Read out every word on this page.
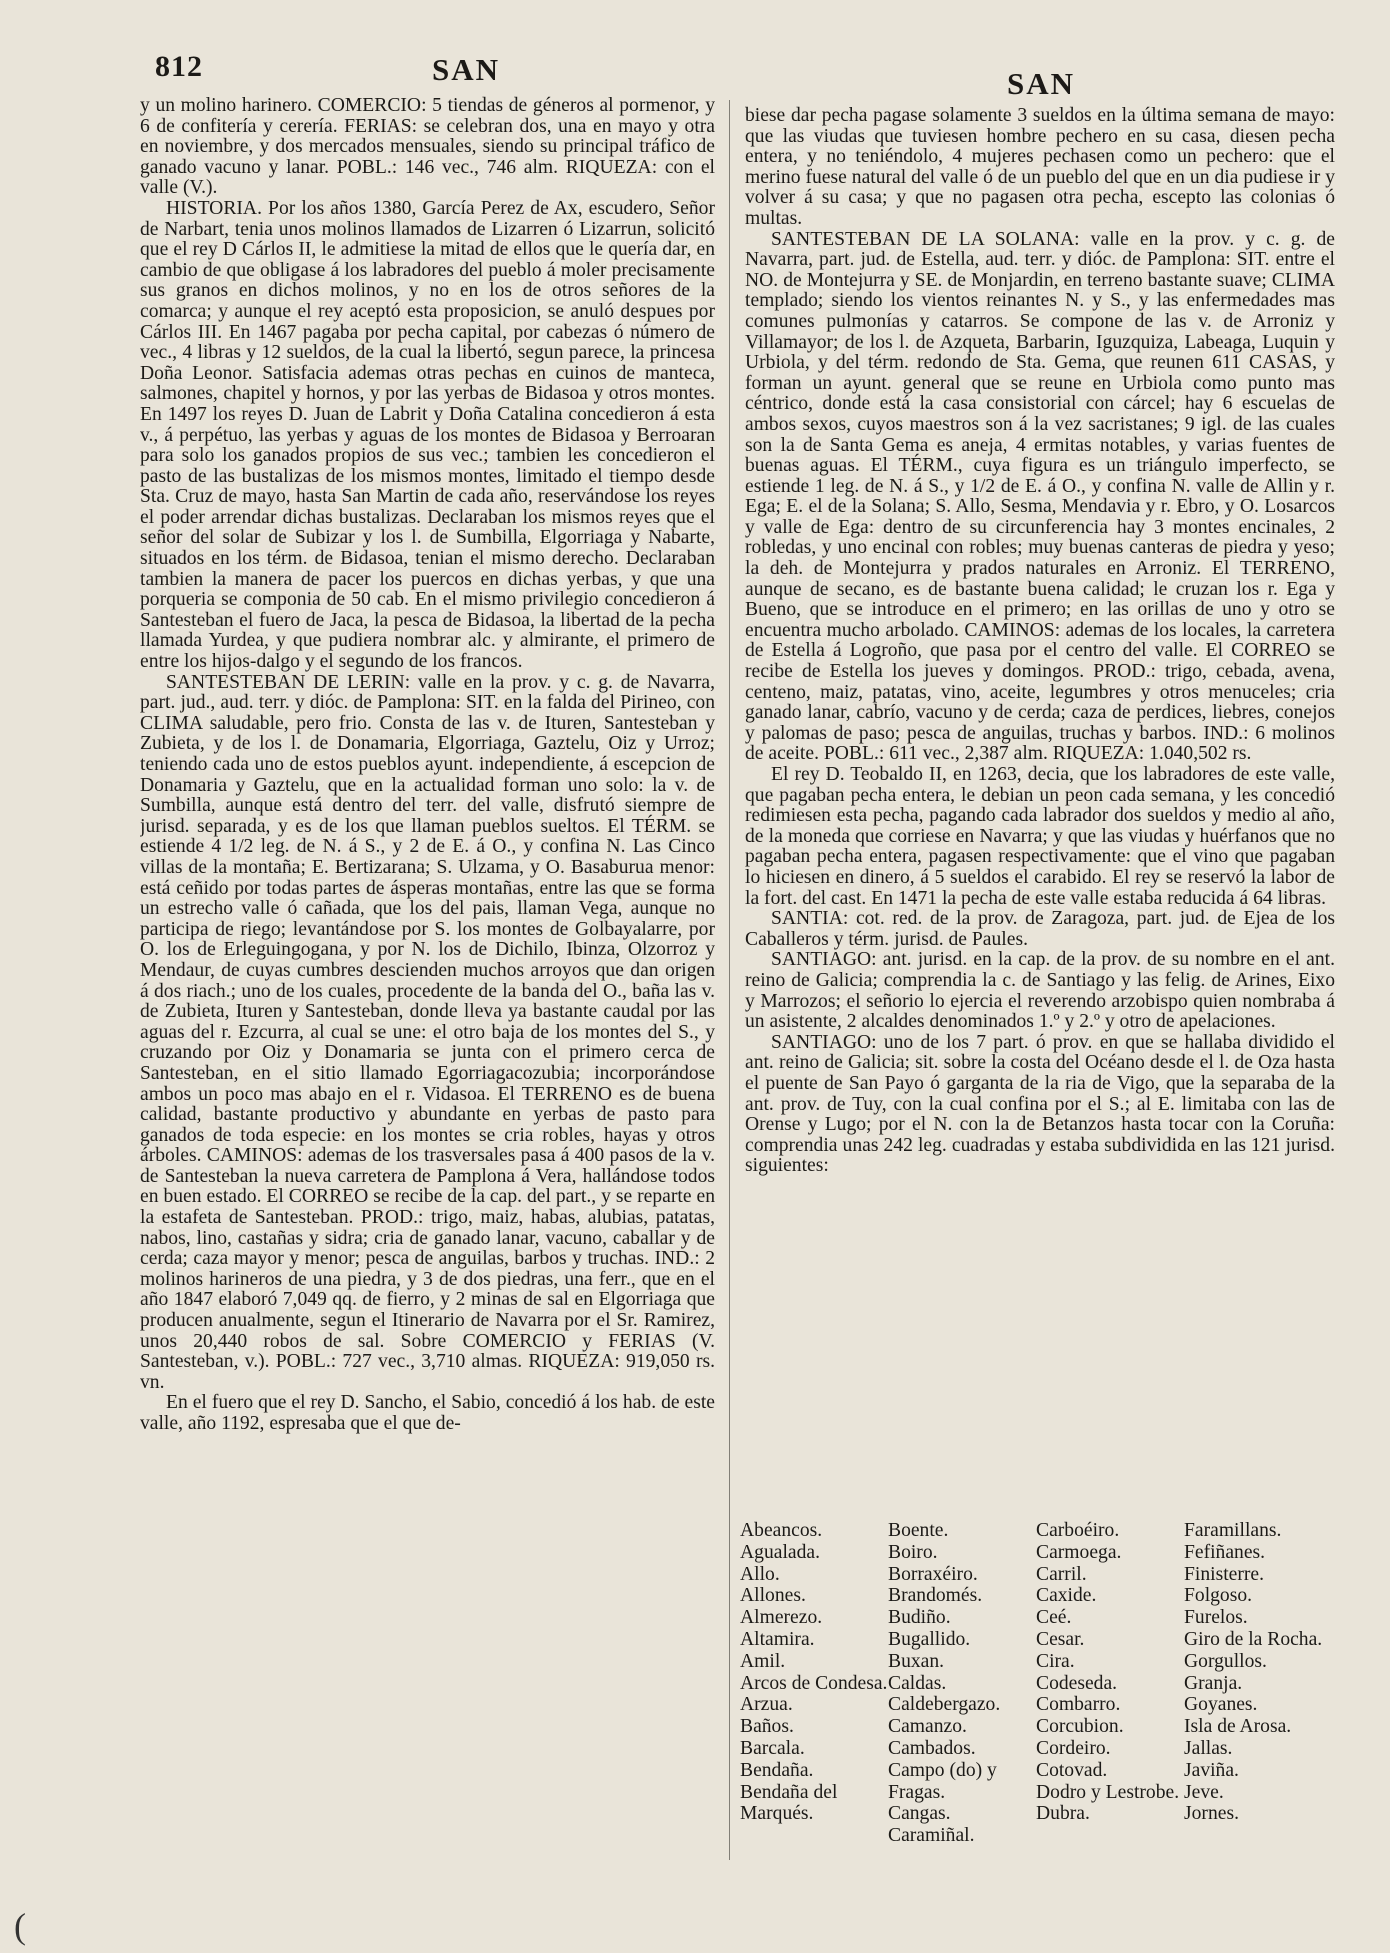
812	SAN	SAN

y un molino harinero. COMERCIO: 5 tiendas de géneros al pormenor, y 6 de confitería y cerería. FERIAS: se celebran dos, una en mayo y otra en noviembre, y dos mercados mensuales, siendo su principal tráfico de ganado vacuno y lanar. POBL.: 146 vec., 746 alm. RIQUEZA: con el valle (V.).

HISTORIA. Por los años 1380, García Perez de Ax, escudero, Señor de Narbart, tenia unos molinos llamados de Lizarren ó Lizarrun, solicitó que el rey D Cárlos II, le admitiese la mitad de ellos que le quería dar, en cambio de que obligase á los labradores del pueblo á moler precisamente sus granos en dichos molinos, y no en los de otros señores de la comarca; y aunque el rey aceptó esta proposicion, se anuló despues por Cárlos III. En 1467 pagaba por pecha capital, por cabezas ó número de vec., 4 libras y 12 sueldos, de la cual la libertó, segun parece, la princesa Doña Leonor. Satisfacia ademas otras pechas en cuinos de manteca, salmones, chapitel y hornos, y por las yerbas de Bidasoa y otros montes. En 1497 los reyes D. Juan de Labrit y Doña Catalina concedieron á esta v., á perpétuo, las yerbas y aguas de los montes de Bidasoa y Berroaran para solo los ganados propios de sus vec.; tambien les concedieron el pasto de las bustalizas de los mismos montes, limitado el tiempo desde Sta. Cruz de mayo, hasta San Martin de cada año, reservándose los reyes el poder arrendar dichas bustalizas. Declaraban los mismos reyes que el señor del solar de Subizar y los l. de Sumbilla, Elgorriaga y Nabarte, situados en los térm. de Bidasoa, tenian el mismo derecho. Declaraban tambien la manera de pacer los puercos en dichas yerbas, y que una porqueria se componia de 50 cab. En el mismo privilegio concedieron á Santesteban el fuero de Jaca, la pesca de Bidasoa, la libertad de la pecha llamada Yurdea, y que pudiera nombrar alc. y almirante, el primero de entre los hijos-dalgo y el segundo de los francos.

SANTESTEBAN DE LERIN: valle en la prov. y c. g. de Navarra, part. jud., aud. terr. y dióc. de Pamplona: SIT. en la falda del Pirineo, con CLIMA saludable, pero frio. Consta de las v. de Ituren, Santesteban y Zubieta, y de los l. de Donamaria, Elgorriaga, Gaztelu, Oiz y Urroz; teniendo cada uno de estos pueblos ayunt. independiente, á escepcion de Donamaria y Gaztelu, que en la actualidad forman uno solo: la v. de Sumbilla, aunque está dentro del terr. del valle, disfrutó siempre de jurisd. separada, y es de los que llaman pueblos sueltos. El TÉRM. se estiende 4 1/2 leg. de N. á S., y 2 de E. á O., y confina N. Las Cinco villas de la montaña; E. Bertizarana; S. Ulzama, y O. Basaburua menor: está ceñido por todas partes de ásperas montañas, entre las que se forma un estrecho valle ó cañada, que los del pais, llaman Vega, aunque no participa de riego; levantándose por S. los montes de Golbayalarre, por O. los de Erleguingogana, y por N. los de Dichilo, Ibinza, Olzorroz y Mendaur, de cuyas cumbres descienden muchos arroyos que dan origen á dos riach.; uno de los cuales, procedente de la banda del O., baña las v. de Zubieta, Ituren y Santesteban, donde lleva ya bastante caudal por las aguas del r. Ezcurra, al cual se une: el otro baja de los montes del S., y cruzando por Oiz y Donamaria se junta con el primero cerca de Santesteban, en el sitio llamado Egorriagacozubia; incorporándose ambos un poco mas abajo en el r. Vidasoa. El TERRENO es de buena calidad, bastante productivo y abundante en yerbas de pasto para ganados de toda especie: en los montes se cria robles, hayas y otros árboles. CAMINOS: ademas de los trasversales pasa á 400 pasos de la v. de Santesteban la nueva carretera de Pamplona á Vera, hallándose todos en buen estado. El CORREO se recibe de la cap. del part., y se reparte en la estafeta de Santesteban. PROD.: trigo, maiz, habas, alubias, patatas, nabos, lino, castañas y sidra; cria de ganado lanar, vacuno, caballar y de cerda; caza mayor y menor; pesca de anguilas, barbos y truchas. IND.: 2 molinos harineros de una piedra, y 3 de dos piedras, una ferr., que en el año 1847 elaboró 7,049 qq. de fierro, y 2 minas de sal en Elgorriaga que producen anualmente, segun el Itinerario de Navarra por el Sr. Ramirez, unos 20,440 robos de sal. Sobre COMERCIO y FERIAS (V. Santesteban, v.). POBL.: 727 vec., 3,710 almas. RIQUEZA: 919,050 rs. vn.

En el fuero que el rey D. Sancho, el Sabio, concedió á los hab. de este valle, año 1192, espresaba que el que de-

biese dar pecha pagase solamente 3 sueldos en la última semana de mayo: que las viudas que tuviesen hombre pechero en su casa, diesen pecha entera, y no teniéndolo, 4 mujeres pechasen como un pechero: que el merino fuese natural del valle ó de un pueblo del que en un dia pudiese ir y volver á su casa; y que no pagasen otra pecha, escepto las colonias ó multas.

SANTESTEBAN DE LA SOLANA: valle en la prov. y c. g. de Navarra, part. jud. de Estella, aud. terr. y dióc. de Pamplona: SIT. entre el NO. de Montejurra y SE. de Monjardin, en terreno bastante suave; CLIMA templado; siendo los vientos reinantes N. y S., y las enfermedades mas comunes pulmonías y catarros. Se compone de las v. de Arroniz y Villamayor; de los l. de Azqueta, Barbarin, Iguzquiza, Labeaga, Luquin y Urbiola, y del térm. redondo de Sta. Gema, que reunen 611 CASAS, y forman un ayunt. general que se reune en Urbiola como punto mas céntrico, donde está la casa consistorial con cárcel; hay 6 escuelas de ambos sexos, cuyos maestros son á la vez sacristanes; 9 igl. de las cuales son la de Santa Gema es aneja, 4 ermitas notables, y varias fuentes de buenas aguas. El TÉRM., cuya figura es un triángulo imperfecto, se estiende 1 leg. de N. á S., y 1/2 de E. á O., y confina N. valle de Allin y r. Ega; E. el de la Solana; S. Allo, Sesma, Mendavia y r. Ebro, y O. Losarcos y valle de Ega: dentro de su circunferencia hay 3 montes encinales, 2 robledas, y uno encinal con robles; muy buenas canteras de piedra y yeso; la deh. de Montejurra y prados naturales en Arroniz. El TERRENO, aunque de secano, es de bastante buena calidad; le cruzan los r. Ega y Bueno, que se introduce en el primero; en las orillas de uno y otro se encuentra mucho arbolado. CAMINOS: ademas de los locales, la carretera de Estella á Logroño, que pasa por el centro del valle. El CORREO se recibe de Estella los jueves y domingos. PROD.: trigo, cebada, avena, centeno, maiz, patatas, vino, aceite, legumbres y otros menuceles; cria ganado lanar, cabrío, vacuno y de cerda; caza de perdices, liebres, conejos y palomas de paso; pesca de anguilas, truchas y barbos. IND.: 6 molinos de aceite. POBL.: 611 vec., 2,387 alm. RIQUEZA: 1.040,502 rs.

El rey D. Teobaldo II, en 1263, decia, que los labradores de este valle, que pagaban pecha entera, le debian un peon cada semana, y les concedió redimiesen esta pecha, pagando cada labrador dos sueldos y medio al año, de la moneda que corriese en Navarra; y que las viudas y huérfanos que no pagaban pecha entera, pagasen respectivamente: que el vino que pagaban lo hiciesen en dinero, á 5 sueldos el carabido. El rey se reservó la labor de la fort. del cast. En 1471 la pecha de este valle estaba reducida á 64 libras.

SANTIA: cot. red. de la prov. de Zaragoza, part. jud. de Ejea de los Caballeros y térm. jurisd. de Paules.

SANTIAGO: ant. jurisd. en la cap. de la prov. de su nombre en el ant. reino de Galicia; comprendia la c. de Santiago y las felig. de Arines, Eixo y Marrozos; el señorio lo ejercia el reverendo arzobispo quien nombraba á un asistente, 2 alcaldes denominados 1.º y 2.º y otro de apelaciones.

SANTIAGO: uno de los 7 part. ó prov. en que se hallaba dividido el ant. reino de Galicia; sit. sobre la costa del Océano desde el l. de Oza hasta el puente de San Payo ó garganta de la ria de Vigo, que la separaba de la ant. prov. de Tuy, con la cual confina por el S.; al E. limitaba con las de Orense y Lugo; por el N. con la de Betanzos hasta tocar con la Coruña: comprendia unas 242 leg. cuadradas y estaba subdividida en las 121 jurisd. siguientes:

Abeancos.
Agualada.
Allo.
Allones.
Almerezo.
Altamira.
Amil.
Arcos de Condesa.
Arzua.
Baños.
Barcala.
Bendaña.
Bendaña del Marqués.
Boente.
Boiro.
Borraxéiro.
Brandomés.
Budiño.
Bugallido.
Buxan.
Caldas.
Caldebergazo.
Camanzo.
Cambados.
Campo (do) y Fragas.
Cangas.
Caramiñal.
Carboéiro.
Carmoega.
Carril.
Caxide.
Ceé.
Cesar.
Cira.
Codeseda.
Combarro.
Corcubion.
Cordeiro.
Cotovad.
Dodro y Lestrobe.
Dubra.
Faramillans.
Fefiñanes.
Finisterre.
Folgoso.
Furelos.
Giro de la Rocha.
Gorgullos.
Granja.
Goyanes.
Isla de Arosa.
Jallas.
Javiña.
Jeve.
Jornes.
(
